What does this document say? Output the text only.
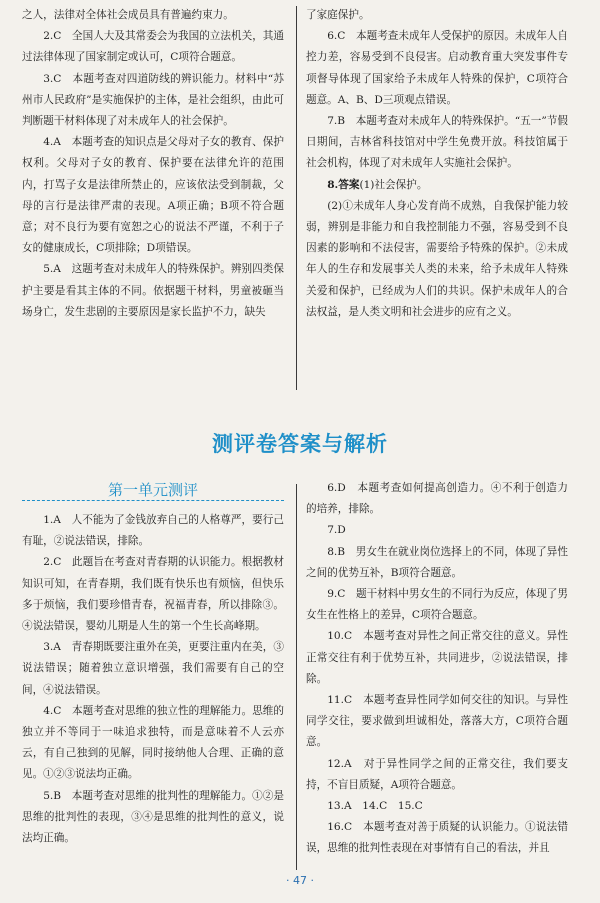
之人，法律对全体社会成员具有普遍约束力。

2.C　全国人大及其常委会为我国的立法机关，其通过法律体现了国家制定或认可，C项符合题意。

3.C　本题考查对四道防线的辨识能力。材料中“苏州市人民政府”是实施保护的主体，是社会组织，由此可判断题干材料体现了对未成年人的社会保护。

4.A　本题考查的知识点是父母对子女的教育、保护权利。父母对子女的教育、保护要在法律允许的范围内，打骂子女是法律所禁止的，应该依法受到制裁，父母的言行是法律严肃的表现。A项正确；B项不符合题意；对不良行为要有宽恕之心的说法不严谨，不利于子女的健康成长，C项排除；D项错误。

5.A　这题考查对未成年人的特殊保护。辨别四类保护主要是看其主体的不同。依据题干材料，男童被砸当场身亡，发生悲剧的主要原因是家长监护不力，缺失

了家庭保护。

6.C　本题考查未成年人受保护的原因。未成年人自控力差，容易受到不良侵害。启动教育重大突发事件专项督导体现了国家给予未成年人特殊的保护，C项符合题意。A、B、D三项观点错误。

7.B　本题考查对未成年人的特殊保护。“五一”节假日期间，吉林省科技馆对中学生免费开放。科技馆属于社会机构，体现了对未成年人实施社会保护。

8.答案(1)社会保护。

(2)①未成年人身心发育尚不成熟，自我保护能力较弱，辨别是非能力和自我控制能力不强，容易受到不良因素的影响和不法侵害，需要给予特殊的保护。②未成年人的生存和发展事关人类的未来，给予未成年人特殊关爱和保护，已经成为人们的共识。保护未成年人的合法权益，是人类文明和社会进步的应有之义。

测评卷答案与解析
第一单元测评

1.A　人不能为了金钱放弃自己的人格尊严，要行己有耻，②说法错误，排除。

2.C　此题旨在考查对青春期的认识能力。根据教材知识可知，在青春期，我们既有快乐也有烦恼，但快乐多于烦恼，我们要珍惜青春，祝福青春，所以排除③。④说法错误，婴幼儿期是人生的第一个生长高峰期。

3.A　青春期既要注重外在美，更要注重内在美，③说法错误；随着独立意识增强，我们需要有自己的空间，④说法错误。

4.C　本题考查对思维的独立性的理解能力。思维的独立并不等同于一味追求独特，而是意味着不人云亦云，有自己独到的见解，同时接纳他人合理、正确的意见。①②③说法均正确。

5.B　本题考查对思维的批判性的理解能力。①②是思维的批判性的表现，③④是思维的批判性的意义，说法均正确。

6.D　本题考查如何提高创造力。④不利于创造力的培养，排除。

7.D

8.B　男女生在就业岗位选择上的不同，体现了异性之间的优势互补，B项符合题意。

9.C　题干材料中男女生的不同行为反应，体现了男女生在性格上的差异，C项符合题意。

10.C　本题考查对异性之间正常交往的意义。异性正常交往有利于优势互补，共同进步，②说法错误，排除。

11.C　本题考查异性同学如何交往的知识。与异性同学交往，要求做到坦诚相处，落落大方，C项符合题意。

12.A　对于异性同学之间的正常交往，我们要支持，不盲目质疑，A项符合题意。

13.A　14.C　15.C

16.C　本题考查对善于质疑的认识能力。①说法错误，思维的批判性表现在对事情有自己的看法，并且

· 47 ·
